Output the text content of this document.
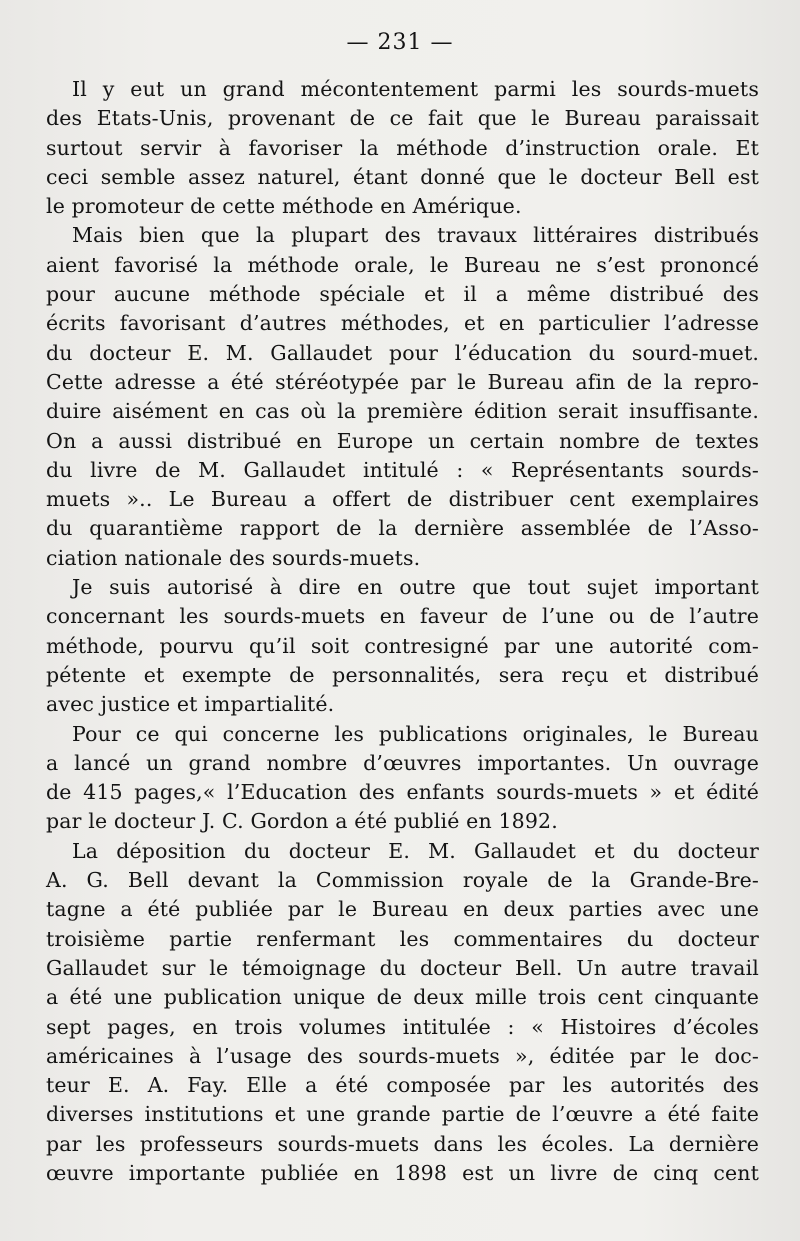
— 231 —
Il y eut un grand mécontentement parmi les sourds-muets
des Etats-Unis, provenant de ce fait que le Bureau paraissait
surtout servir à favoriser la méthode d’instruction orale. Et
ceci semble assez naturel, étant donné que le docteur Bell est
le promoteur de cette méthode en Amérique.
Mais bien que la plupart des travaux littéraires distribués
aient favorisé la méthode orale, le Bureau ne s’est prononcé
pour aucune méthode spéciale et il a même distribué des
écrits favorisant d’autres méthodes, et en particulier l’adresse
du docteur E. M. Gallaudet pour l’éducation du sourd-muet.
Cette adresse a été stéréotypée par le Bureau afin de la repro-
duire aisément en cas où la première édition serait insuffisante.
On a aussi distribué en Europe un certain nombre de textes
du livre de M. Gallaudet intitulé : « Représentants sourds-
muets ».. Le Bureau a offert de distribuer cent exemplaires
du quarantième rapport de la dernière assemblée de l’Asso-
ciation nationale des sourds-muets.
Je suis autorisé à dire en outre que tout sujet important
concernant les sourds-muets en faveur de l’une ou de l’autre
méthode, pourvu qu’il soit contresigné par une autorité com-
pétente et exempte de personnalités, sera reçu et distribué
avec justice et impartialité.
Pour ce qui concerne les publications originales, le Bureau
a lancé un grand nombre d’œuvres importantes. Un ouvrage
de 415 pages,« l’Education des enfants sourds-muets » et édité
par le docteur J. C. Gordon a été publié en 1892.
La déposition du docteur E. M. Gallaudet et du docteur
A. G. Bell devant la Commission royale de la Grande-Bre-
tagne a été publiée par le Bureau en deux parties avec une
troisième partie renfermant les commentaires du docteur
Gallaudet sur le témoignage du docteur Bell. Un autre travail
a été une publication unique de deux mille trois cent cinquante
sept pages, en trois volumes intitulée : « Histoires d’écoles
américaines à l’usage des sourds-muets », éditée par le doc-
teur E. A. Fay. Elle a été composée par les autorités des
diverses institutions et une grande partie de l’œuvre a été faite
par les professeurs sourds-muets dans les écoles. La dernière
œuvre importante publiée en 1898 est un livre de cinq cent
